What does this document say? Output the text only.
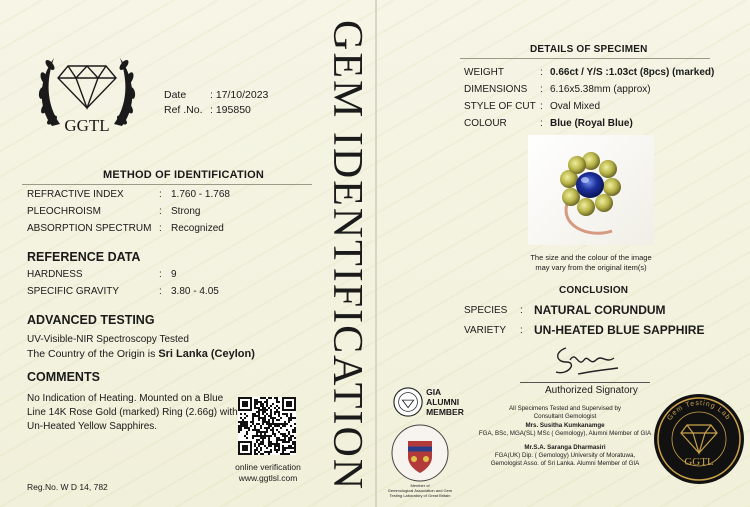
GGTL
Date : 17/10/2023
Ref .No. : 195850
METHOD OF IDENTIFICATION
REFRACTIVE INDEX	: 1.760 - 1.768
PLEOCHROISM	: Strong
ABSORPTION SPECTRUM : Recognized
REFERENCE DATA
HARDNESS	: 9
SPECIFIC GRAVITY	: 3.80 - 4.05
ADVANCED TESTING
UV-Visible-NIR Spectroscopy Tested
The Country of the Origin is Sri Lanka (Ceylon)
COMMENTS
No Indication of Heating. Mounted on a Blue
Line 14K Rose Gold (marked) Ring (2.66g) with
Un-Heated Yellow Sapphires.
online verification
www.ggtlsl.com
Reg.No. W D 14, 782	GEM IDENTIFICATION	DETAILS OF SPECIMEN
WEIGHT	: 0.66ct / Y/S :1.03ct (8pcs) (marked)
DIMENSIONS	: 6.16x5.38mm (approx)
STYLE OF CUT : Oval Mixed
COLOUR	: Blue (Royal Blue)
The size and the colour of the image
may vary from the original item(s)
CONCLUSION
SPECIES	: NATURAL CORUNDUM
VARIETY	: UN-HEATED BLUE SAPPHIRE
Authorized Signatory
All Specimens Tested and Supervised by
Consultant Gemologist
Mrs. Susitha Kumkanamge
FGA, BSc, MGA(SL) MSc ( Gemology), Alumni Member of GIA
Mr.S.A. Saranga Dharmasiri
FGA(UK) Dip. ( Gemology) University of Moratuwa,
Gemologist Asso. of Sri Lanka. Alumni Member of GIA
GIA ALUMNI
MEMBER
Member of
Gemmological Association and Gem
Testing Laboratory of Great Britain
Gem Testing Lab
GGTL
